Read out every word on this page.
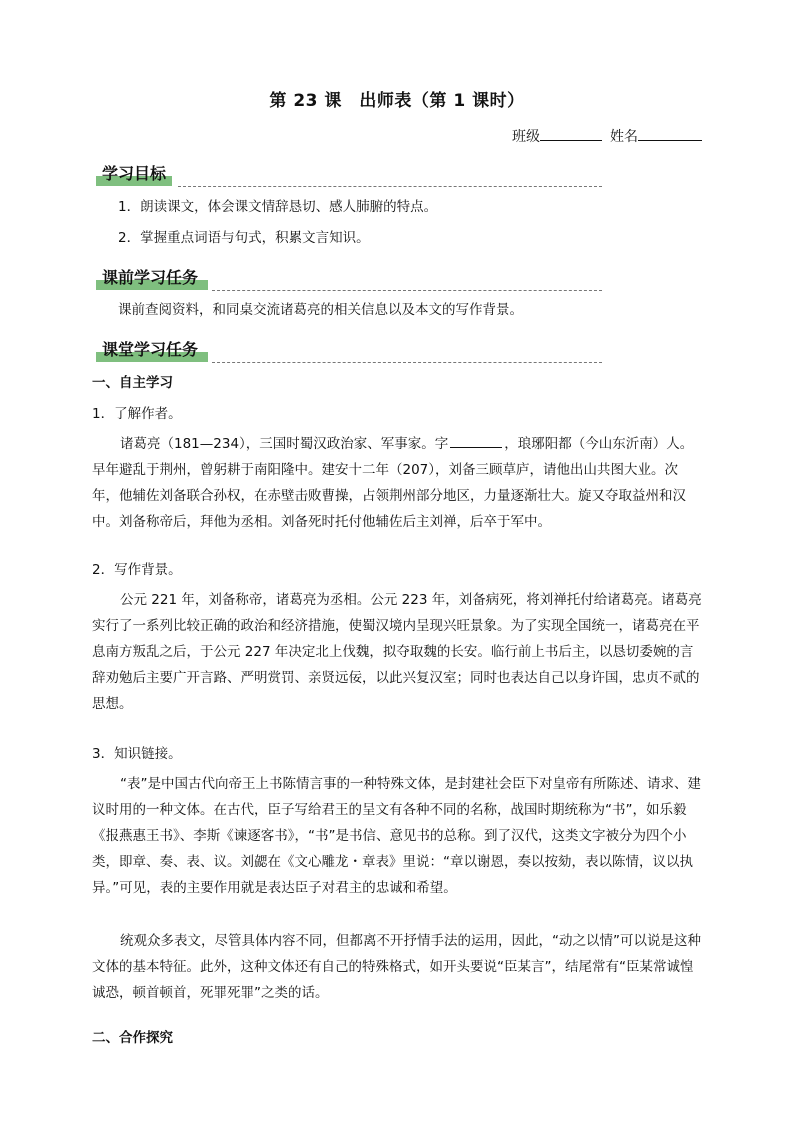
第 23 课　出师表（第 1 课时）
班级	姓名
学习目标
1．朗读课文，体会课文情辞恳切、感人肺腑的特点。
2．掌握重点词语与句式，积累文言知识。
课前学习任务
课前查阅资料，和同桌交流诸葛亮的相关信息以及本文的写作背景。
课堂学习任务
一、自主学习
1．了解作者。

诸葛亮（181—234），三国时蜀汉政治家、军事家。字	，琅琊阳都（今山东沂南）人。早年避乱于荆州，曾躬耕于南阳隆中。建安十二年（207），刘备三顾草庐，请他出山共图大业。次年，他辅佐刘备联合孙权，在赤壁击败曹操，占领荆州部分地区，力量逐渐壮大。旋又夺取益州和汉中。刘备称帝后，拜他为丞相。刘备死时托付他辅佐后主刘禅，后卒于军中。

2．写作背景。

公元 221 年，刘备称帝，诸葛亮为丞相。公元 223 年，刘备病死，将刘禅托付给诸葛亮。诸葛亮实行了一系列比较正确的政治和经济措施，使蜀汉境内呈现兴旺景象。为了实现全国统一，诸葛亮在平息南方叛乱之后，于公元 227 年决定北上伐魏，拟夺取魏的长安。临行前上书后主，以恳切委婉的言辞劝勉后主要广开言路、严明赏罚、亲贤远佞，以此兴复汉室；同时也表达自己以身许国，忠贞不贰的思想。

3．知识链接。

“表”是中国古代向帝王上书陈情言事的一种特殊文体，是封建社会臣下对皇帝有所陈述、请求、建议时用的一种文体。在古代，臣子写给君王的呈文有各种不同的名称，战国时期统称为“书”，如乐毅《报燕惠王书》、李斯《谏逐客书》，“书”是书信、意见书的总称。到了汉代，这类文字被分为四个小类，即章、奏、表、议。刘勰在《文心雕龙・章表》里说：“章以谢恩，奏以按劾，表以陈情，议以执异。”可见，表的主要作用就是表达臣子对君主的忠诚和希望。

统观众多表文，尽管具体内容不同，但都离不开抒情手法的运用，因此，“动之以情”可以说是这种文体的基本特征。此外，这种文体还有自己的特殊格式，如开头要说“臣某言”，结尾常有“臣某常诚惶诚恐，顿首顿首，死罪死罪”之类的话。

二、合作探究
